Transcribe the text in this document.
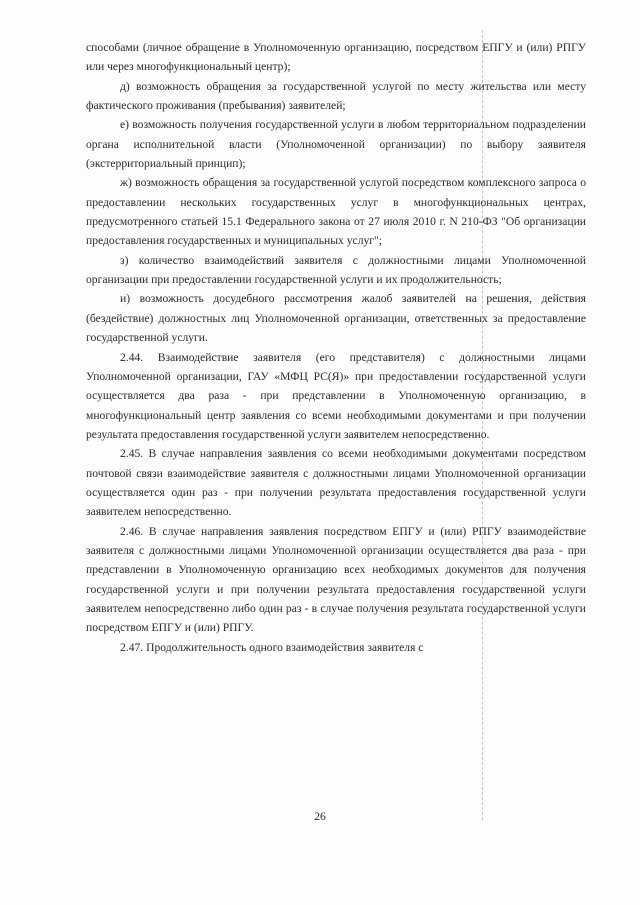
способами (личное обращение в Уполномоченную организацию, посредством ЕПГУ и (или) РПГУ или через многофункциональный центр);

д) возможность обращения за государственной услугой по месту жительства или месту фактического проживания (пребывания) заявителей;

е) возможность получения государственной услуги в любом территориальном подразделении органа исполнительной власти (Уполномоченной организации) по выбору заявителя (экстерриториальный принцип);

ж) возможность обращения за государственной услугой посредством комплексного запроса о предоставлении нескольких государственных услуг в многофункциональных центрах, предусмотренного статьей 15.1 Федерального закона от 27 июля 2010 г. N 210-ФЗ "Об организации предоставления государственных и муниципальных услуг";

з) количество взаимодействий заявителя с должностными лицами Уполномоченной организации при предоставлении государственной услуги и их продолжительность;

и) возможность досудебного рассмотрения жалоб заявителей на решения, действия (бездействие) должностных лиц Уполномоченной организации, ответственных за предоставление государственной услуги.

2.44. Взаимодействие заявителя (его представителя) с должностными лицами Уполномоченной организации, ГАУ «МФЦ РС(Я)» при предоставлении государственной услуги осуществляется два раза - при представлении в Уполномоченную организацию, в многофункциональный центр заявления со всеми необходимыми документами и при получении результата предоставления государственной услуги заявителем непосредственно.

2.45. В случае направления заявления со всеми необходимыми документами посредством почтовой связи взаимодействие заявителя с должностными лицами Уполномоченной организации осуществляется один раз - при получении результата предоставления государственной услуги заявителем непосредственно.

2.46. В случае направления заявления посредством ЕПГУ и (или) РПГУ взаимодействие заявителя с должностными лицами Уполномоченной организации осуществляется два раза - при представлении в Уполномоченную организацию всех необходимых документов для получения государственной услуги и при получении результата предоставления государственной услуги заявителем непосредственно либо один раз - в случае получения результата государственной услуги посредством ЕПГУ и (или) РПГУ.

2.47. Продолжительность одного взаимодействия заявителя с

26
